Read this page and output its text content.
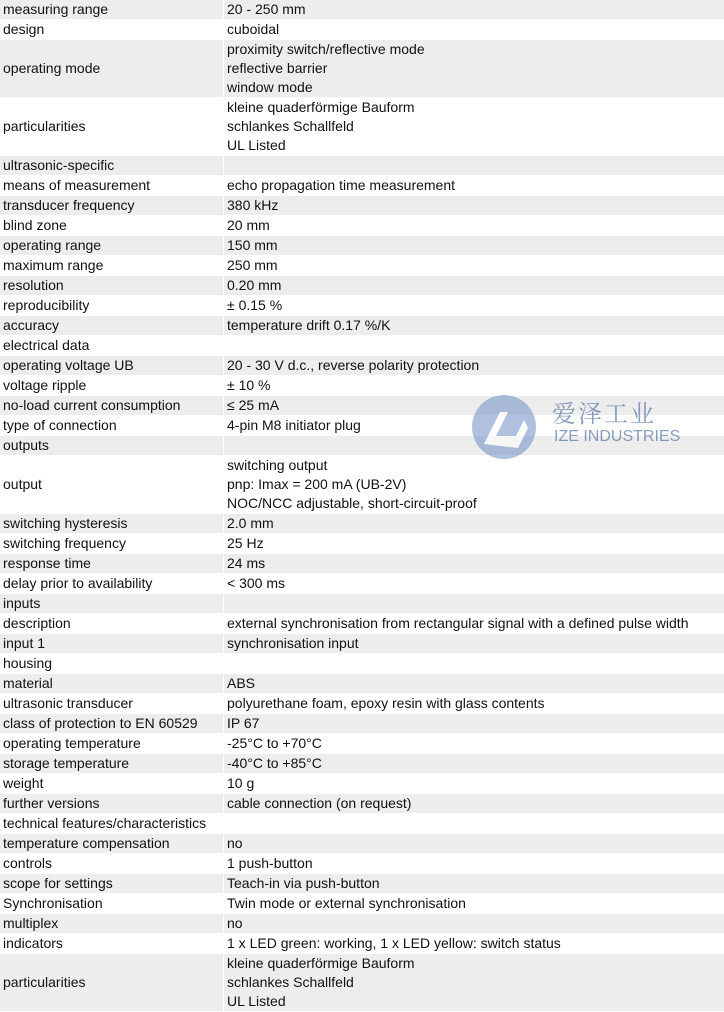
measuring range	20 - 250 mm

design	cuboidal

operating mode	proximity switch/reflective mode
reflective barrier
window mode

particularities	kleine quaderförmige Bauform
schlankes Schallfeld
UL Listed

ultrasonic-specific	
means of measurement	echo propagation time measurement

transducer frequency	380 kHz

blind zone	20 mm

operating range	150 mm

maximum range	250 mm

resolution	0.20 mm

reproducibility	± 0.15 %

accuracy	temperature drift 0.17 %/K

electrical data	
operating voltage UB	20 - 30 V d.c., reverse polarity protection

voltage ripple	± 10 %

no-load current consumption	≤ 25 mA

type of connection	4-pin M8 initiator plug

outputs	
output	switching output
pnp: Imax = 200 mA (UB-2V)
NOC/NCC adjustable, short-circuit-proof

switching hysteresis	2.0 mm

switching frequency	25 Hz

response time	24 ms

delay prior to availability	< 300 ms

inputs	
description	external synchronisation from rectangular signal with a defined pulse width

input 1	synchronisation input

housing	
material	ABS

ultrasonic transducer	polyurethane foam, epoxy resin with glass contents

class of protection to EN 60529	IP 67

operating temperature	-25°C to +70°C

storage temperature	-40°C to +85°C

weight	10 g

further versions	cable connection (on request)

technical features/characteristics	
temperature compensation	no

controls	1 push-button

scope for settings	Teach-in via push-button

Synchronisation	Twin mode or external synchronisation

multiplex	no

indicators	1 x LED green: working, 1 x LED yellow: switch status

particularities	kleine quaderförmige Bauform
schlankes Schallfeld
UL Listed
爱泽工业
IZE INDUSTRIES
